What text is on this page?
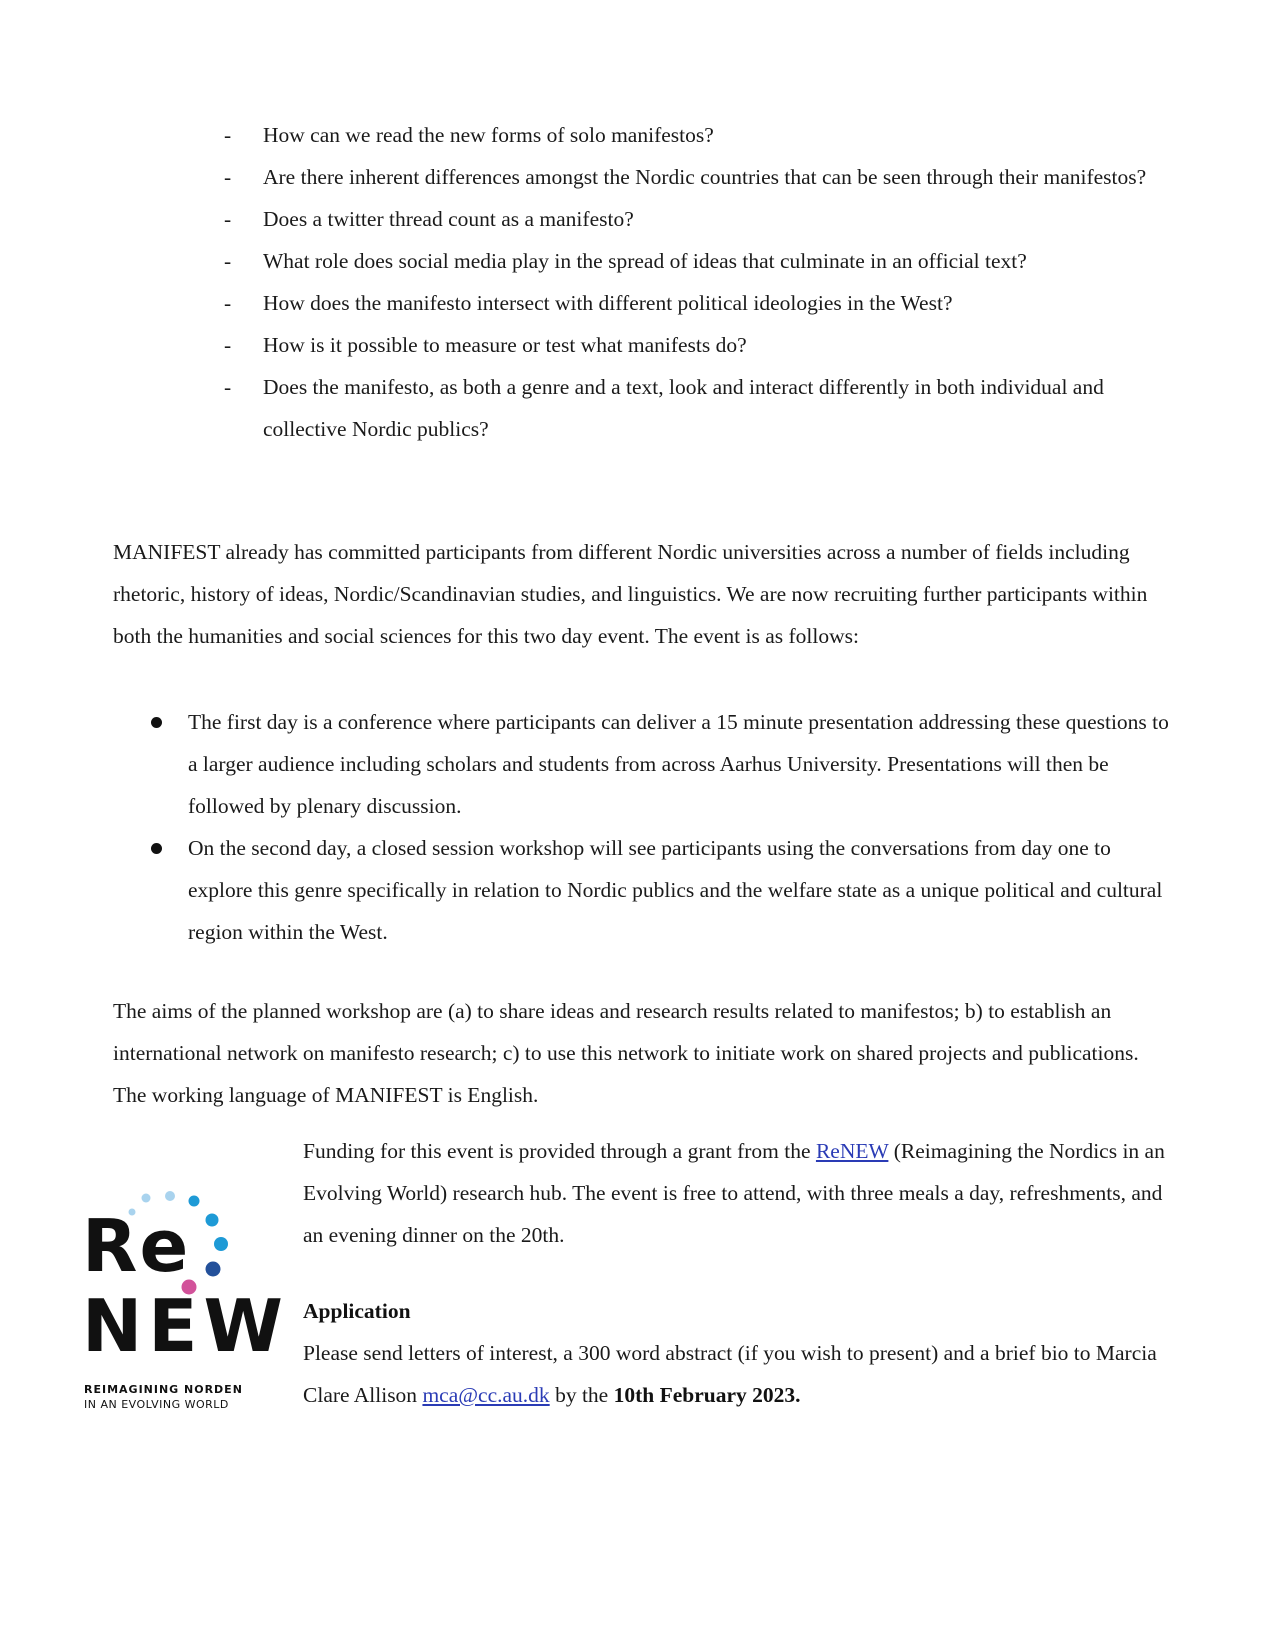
- How can we read the new forms of solo manifestos?
- Are there inherent differences amongst the Nordic countries that can be seen through their manifestos?
- Does a twitter thread count as a manifesto?
- What role does social media play in the spread of ideas that culminate in an official text?
- How does the manifesto intersect with different political ideologies in the West?
- How is it possible to measure or test what manifests do?
- Does the manifesto, as both a genre and a text, look and interact differently in both individual and collective Nordic publics?

MANIFEST already has committed participants from different Nordic universities across a number of fields including rhetoric, history of ideas, Nordic/Scandinavian studies, and linguistics. We are now recruiting further participants within both the humanities and social sciences for this two day event. The event is as follows:

The first day is a conference where participants can deliver a 15 minute presentation addressing these questions to a larger audience including scholars and students from across Aarhus University. Presentations will then be followed by plenary discussion.
On the second day, a closed session workshop will see participants using the conversations from day one to explore this genre specifically in relation to Nordic publics and the welfare state as a unique political and cultural region within the West.

The aims of the planned workshop are (a) to share ideas and research results related to manifestos; b) to establish an international network on manifesto research; c) to use this network to initiate work on shared projects and publications. The working language of MANIFEST is English.

Re
NEW
REIMAGINING NORDEN
IN AN EVOLVING WORLD

Funding for this event is provided through a grant from the ReNEW (Reimagining the Nordics in an Evolving World) research hub. The event is free to attend, with three meals a day, refreshments, and an evening dinner on the 20th.

Application

Please send letters of interest, a 300 word abstract (if you wish to present) and a brief bio to Marcia Clare Allison mca@cc.au.dk by the 10th February 2023.
